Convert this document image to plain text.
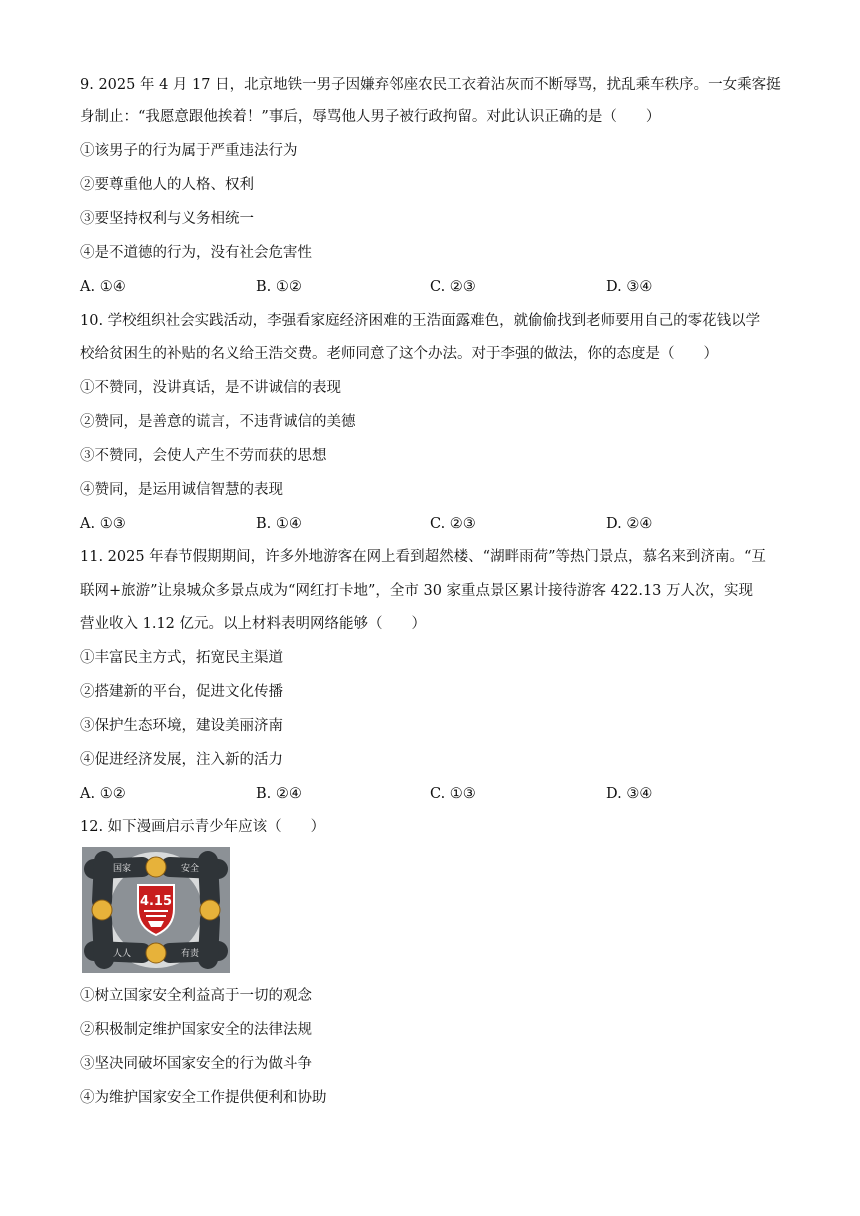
9. 2025 年 4 月 17 日，北京地铁一男子因嫌弃邻座农民工衣着沾灰而不断辱骂，扰乱乘车秩序。一女乘客挺
身制止：“我愿意跟他挨着！”事后，辱骂他人男子被行政拘留。对此认识正确的是（　　）
①该男子的行为属于严重违法行为
②要尊重他人的人格、权利
③要坚持权利与义务相统一
④是不道德的行为，没有社会危害性
A. ①④	B. ①②	C. ②③	D. ③④
10. 学校组织社会实践活动，李强看家庭经济困难的王浩面露难色，就偷偷找到老师要用自己的零花钱以学
校给贫困生的补贴的名义给王浩交费。老师同意了这个办法。对于李强的做法，你的态度是（　　）
①不赞同，没讲真话，是不讲诚信的表现
②赞同，是善意的谎言，不违背诚信的美德
③不赞同，会使人产生不劳而获的思想
④赞同，是运用诚信智慧的表现
A. ①③	B. ①④	C. ②③	D. ②④
11. 2025 年春节假期期间，许多外地游客在网上看到超然楼、“湖畔雨荷”等热门景点，慕名来到济南。“互
联网+旅游”让泉城众多景点成为“网红打卡地”，全市 30 家重点景区累计接待游客 422.13 万人次，实现
营业收入 1.12 亿元。以上材料表明网络能够（　　）
①丰富民主方式，拓宽民主渠道
②搭建新的平台，促进文化传播
③保护生态环境，建设美丽济南
④促进经济发展，注入新的活力
A. ①②	B. ②④	C. ①③	D. ③④
12. 如下漫画启示青少年应该（　　）
国家	安全
人人	有责
4.15
①树立国家安全利益高于一切的观念
②积极制定维护国家安全的法律法规
③坚决同破坏国家安全的行为做斗争
④为维护国家安全工作提供便利和协助
